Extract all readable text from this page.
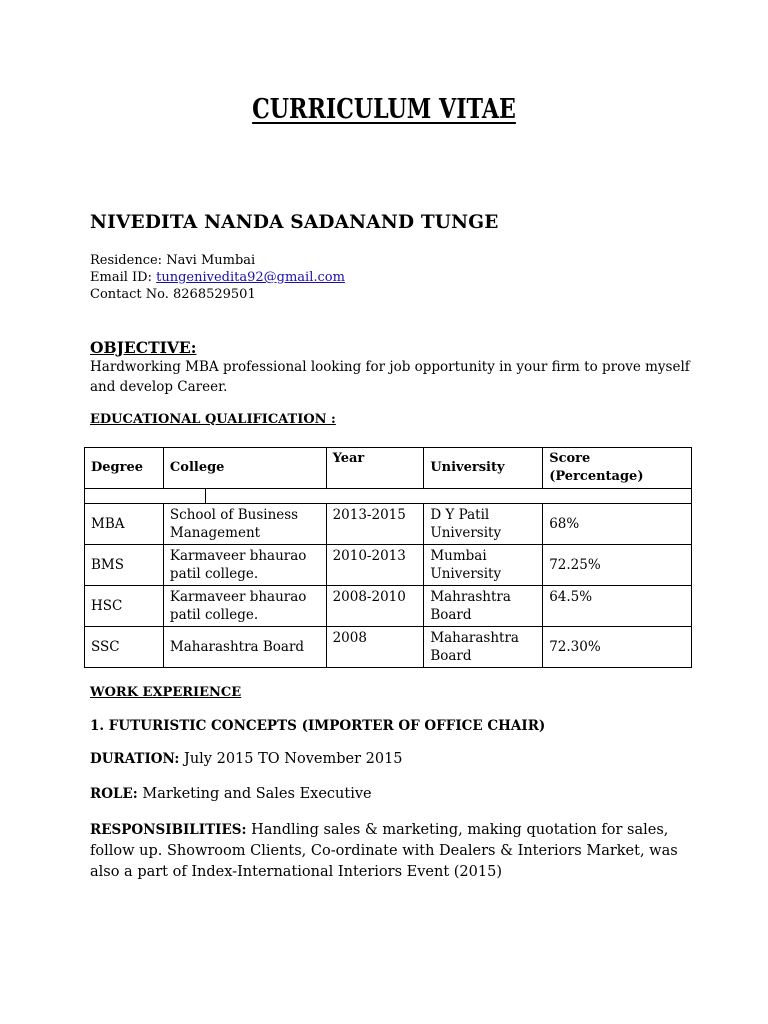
CURRICULUM VITAE
NIVEDITA NANDA SADANAND TUNGE
Residence: Navi Mumbai
Email ID: tungenivedita92@gmail.com
Contact No. 8268529501
OBJECTIVE:
Hardworking MBA professional looking for job opportunity in your firm to prove myself and develop Career.
EDUCATIONAL QUALIFICATION :
Degree	College	Year	University	Score (Percentage)

MBA	School of Business Management	2013-2015	D Y Patil University	68%
BMS	Karmaveer bhaurao patil college.	2010-2013	Mumbai University	72.25%
HSC	Karmaveer bhaurao patil college.	2008-2010	Mahrashtra Board	64.5%
SSC	Maharashtra Board	2008	Maharashtra Board	72.30%
WORK EXPERIENCE
1. FUTURISTIC CONCEPTS (IMPORTER OF OFFICE CHAIR)
DURATION: July 2015 TO November 2015
ROLE: Marketing and Sales Executive
RESPONSIBILITIES: Handling sales & marketing, making quotation for sales, follow up. Showroom Clients, Co-ordinate with Dealers & Interiors Market, was also a part of Index-International Interiors Event (2015)
